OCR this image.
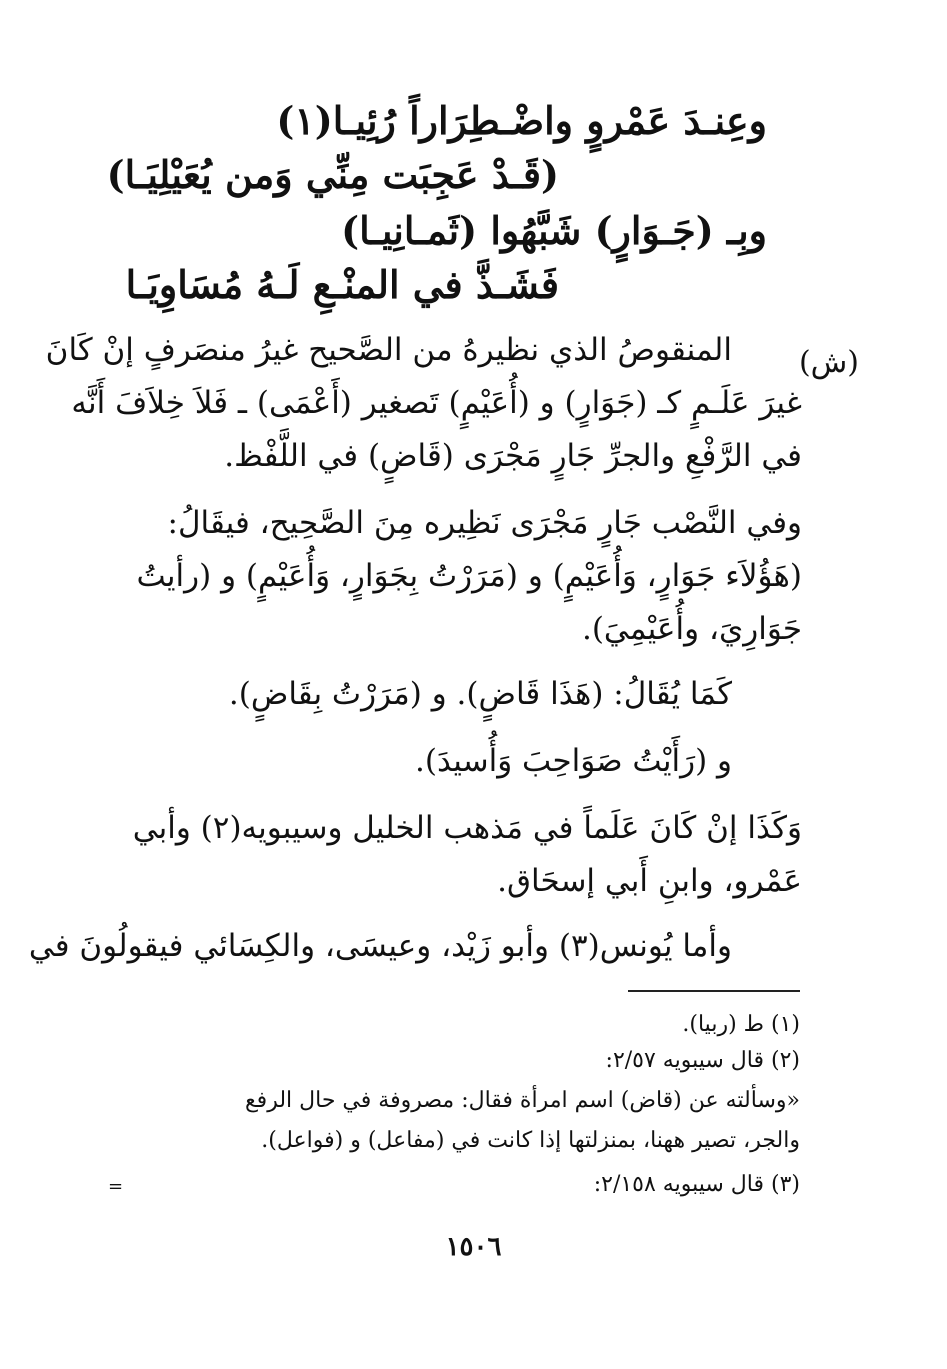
وعِنـدَ عَمْروٍ واضْـطِرَاراً رُئِيـا(١)
(قَـدْ عَجِبَت مِنِّي وَمن يُعَيْلِيَـا)
وبِـ (جَـوَارٍ) شَبَّهُوا (ثَمـانِيـا)
فَشَـذَّ في المنْـعِ لَـهُ مُسَاوِيَـا
(ش)
المنقوصُ الذي نظيرهُ من الصَّحيح غيرُ منصَرفٍ إنْ كَانَ
غيرَ عَلَـمٍ كـ (جَوَارٍ) و (أُعَيْمٍ) تَصغير (أَعْمَى) ـ فَلاَ خِلاَفَ أَنَّه
في الرَّفْعِ والجرِّ جَارٍ مَجْرَى (قَاضٍ) في اللَّفْظ.
وفي النَّصْب جَارٍ مَجْرَى نَظِيره مِنَ الصَّحِيح، فيقَالُ:
(هَؤُلاَء جَوَارٍ، وَأُعَيْمٍ) و (مَرَرْتُ بِجَوَارٍ، وَأُعَيْمٍ) و (رأيتُ
جَوَارِيَ، وأُعَيْمِيَ).
كَمَا يُقَالُ: (هَذَا قَاضٍ). و (مَرَرْتُ بِقَاضٍ).
و (رَأَيْتُ صَوَاحِبَ وَأُسيدَ).
وَكَذَا إنْ كَانَ عَلَماً في مَذهب الخليل وسيبويه(٢) وأبي
عَمْرو، وابنِ أَبي إسحَاق.
وأما يُونس(٣) وأبو زَيْد، وعيسَى، والكِسَائي فيقولُونَ في
(١) ط (ربيا).
(٢) قال سيبويه ٢/٥٧:
«وسألته عن (قاض) اسم امرأة فقال: مصروفة في حال الرفع
والجر، تصير ههنا، بمنزلتها إذا كانت في (مفاعل) و (فواعل).
(٣) قال سيبويه ٢/١٥٨:
=
١٥٠٦
